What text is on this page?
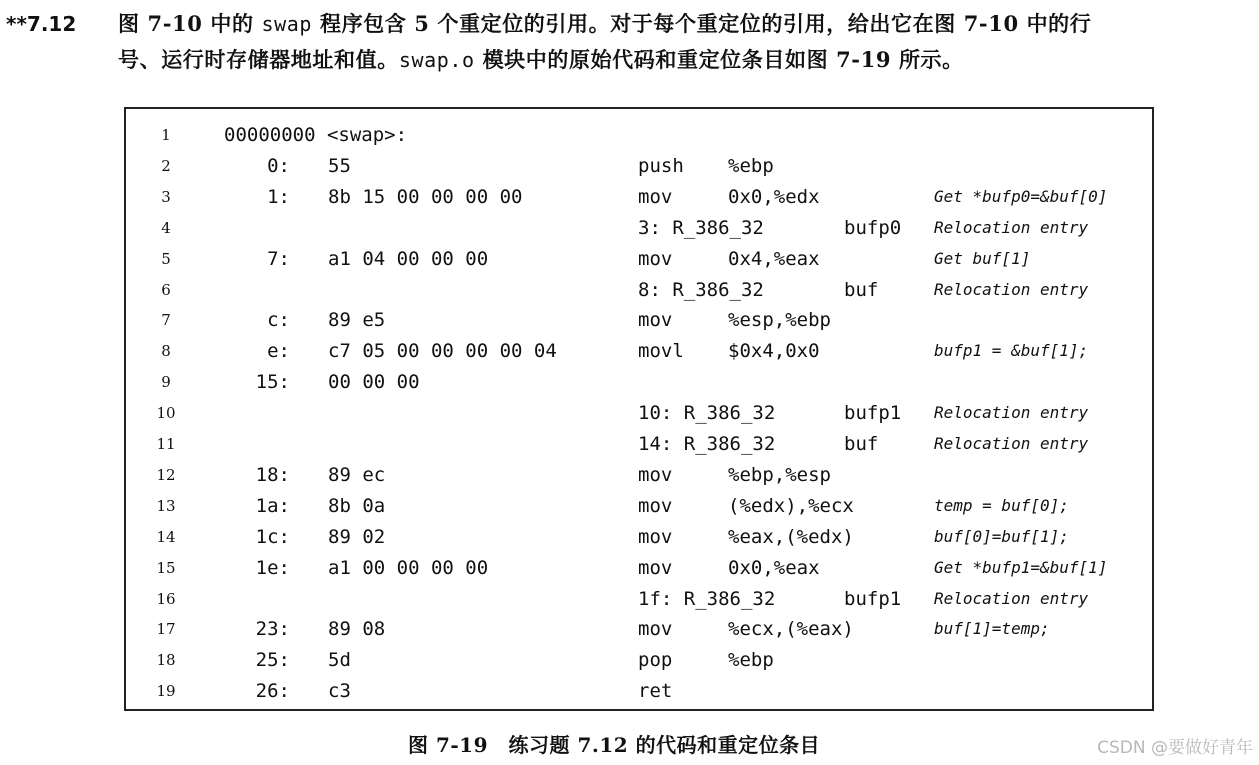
**7.12 图 7-10 中的 swap 程序包含 5 个重定位的引用。对于每个重定位的引用，给出它在图 7-10 中的行
号、运行时存储器地址和值。swap.o 模块中的原始代码和重定位条目如图 7-19 所示。
1	00000000 <swap>:
2	0: 55	push %ebp
3	1: 8b 15 00 00 00 00	mov	0x0,%edx	Get *bufp0=&buf[0]
4	3: R_386_32	bufp0 Relocation entry
5	7: a1 04 00 00 00	mov	0x4,%eax	Get buf[1]
6	8: R_386_32	buf	Relocation entry
7	c: 89 e5	mov	%esp,%ebp
8	e: c7 05 00 00 00 00 04	movl $0x4,0x0	bufp1 = &buf[1];
9	15: 00 00 00
10	10: R_386_32	bufp1 Relocation entry
11	14: R_386_32	buf	Relocation entry
12	18: 89 ec	mov	%ebp,%esp
13	1a: 8b 0a	mov	(%edx),%ecx	temp = buf[0];
14	1c: 89 02	mov	%eax,(%edx)	buf[0]=buf[1];
15	1e: a1 00 00 00 00	mov	0x0,%eax	Get *bufp1=&buf[1]
16	1f: R_386_32	bufp1 Relocation entry
17	23: 89 08	mov	%ecx,(%eax)	buf[1]=temp;
18	25: 5d	pop	%ebp
19	26: c3	ret
图 7-19　练习题 7.12 的代码和重定位条目	CSDN @要做好青年
